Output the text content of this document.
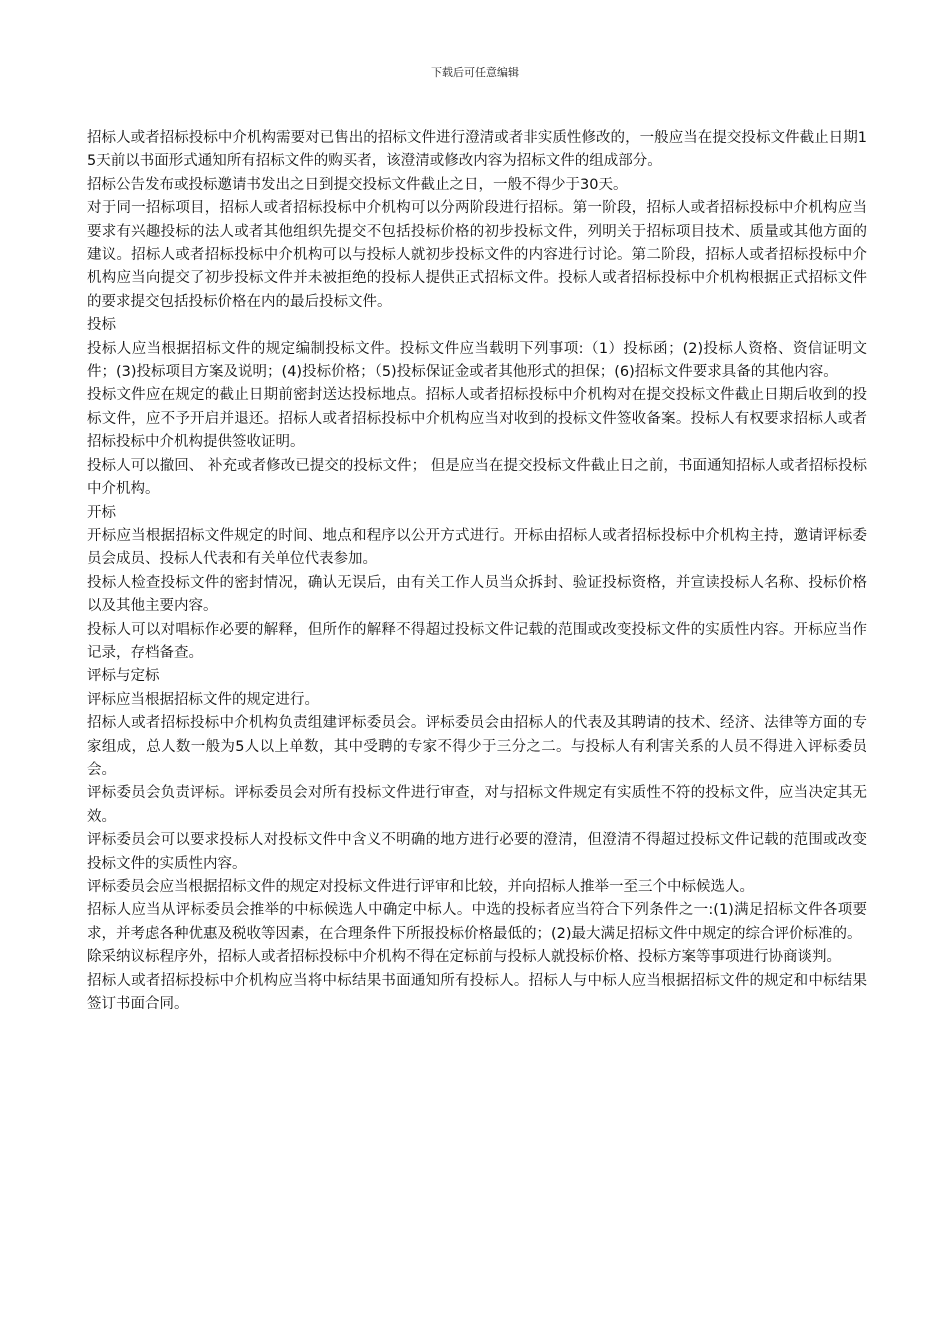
下载后可任意编辑

招标人或者招标投标中介机构需要对已售出的招标文件进行澄清或者非实质性修改的，一般应当在提交投标文件截止日期15天前以书面形式通知所有招标文件的购买者，该澄清或修改内容为招标文件的组成部分。

招标公告发布或投标邀请书发出之日到提交投标文件截止之日，一般不得少于30天。

对于同一招标项目，招标人或者招标投标中介机构可以分两阶段进行招标。第一阶段，招标人或者招标投标中介机构应当要求有兴趣投标的法人或者其他组织先提交不包括投标价格的初步投标文件，列明关于招标项目技术、质量或其他方面的建议。招标人或者招标投标中介机构可以与投标人就初步投标文件的内容进行讨论。第二阶段，招标人或者招标投标中介机构应当向提交了初步投标文件并未被拒绝的投标人提供正式招标文件。投标人或者招标投标中介机构根据正式招标文件的要求提交包括投标价格在内的最后投标文件。

投标

投标人应当根据招标文件的规定编制投标文件。投标文件应当载明下列事项:（1）投标函；(2)投标人资格、资信证明文件；(3)投标项目方案及说明；(4)投标价格；（5)投标保证金或者其他形式的担保；(6)招标文件要求具备的其他内容。

投标文件应在规定的截止日期前密封送达投标地点。招标人或者招标投标中介机构对在提交投标文件截止日期后收到的投标文件，应不予开启并退还。招标人或者招标投标中介机构应当对收到的投标文件签收备案。投标人有权要求招标人或者招标投标中介机构提供签收证明。

投标人可以撤回、 补充或者修改已提交的投标文件； 但是应当在提交投标文件截止日之前，书面通知招标人或者招标投标中介机构。

开标

开标应当根据招标文件规定的时间、地点和程序以公开方式进行。开标由招标人或者招标投标中介机构主持，邀请评标委员会成员、投标人代表和有关单位代表参加。

投标人检查投标文件的密封情况，确认无误后，由有关工作人员当众拆封、验证投标资格，并宣读投标人名称、投标价格以及其他主要内容。

投标人可以对唱标作必要的解释，但所作的解释不得超过投标文件记载的范围或改变投标文件的实质性内容。开标应当作记录，存档备查。

评标与定标

评标应当根据招标文件的规定进行。

招标人或者招标投标中介机构负责组建评标委员会。评标委员会由招标人的代表及其聘请的技术、经济、法律等方面的专家组成，总人数一般为5人以上单数，其中受聘的专家不得少于三分之二。与投标人有利害关系的人员不得进入评标委员会。

评标委员会负责评标。评标委员会对所有投标文件进行审查，对与招标文件规定有实质性不符的投标文件，应当决定其无效。

评标委员会可以要求投标人对投标文件中含义不明确的地方进行必要的澄清，但澄清不得超过投标文件记载的范围或改变投标文件的实质性内容。

评标委员会应当根据招标文件的规定对投标文件进行评审和比较，并向招标人推举一至三个中标候选人。

招标人应当从评标委员会推举的中标候选人中确定中标人。中选的投标者应当符合下列条件之一:(1)满足招标文件各项要求，并考虑各种优惠及税收等因素，在合理条件下所报投标价格最低的；(2)最大满足招标文件中规定的综合评价标准的。

除采纳议标程序外，招标人或者招标投标中介机构不得在定标前与投标人就投标价格、投标方案等事项进行协商谈判。

招标人或者招标投标中介机构应当将中标结果书面通知所有投标人。招标人与中标人应当根据招标文件的规定和中标结果签订书面合同。
